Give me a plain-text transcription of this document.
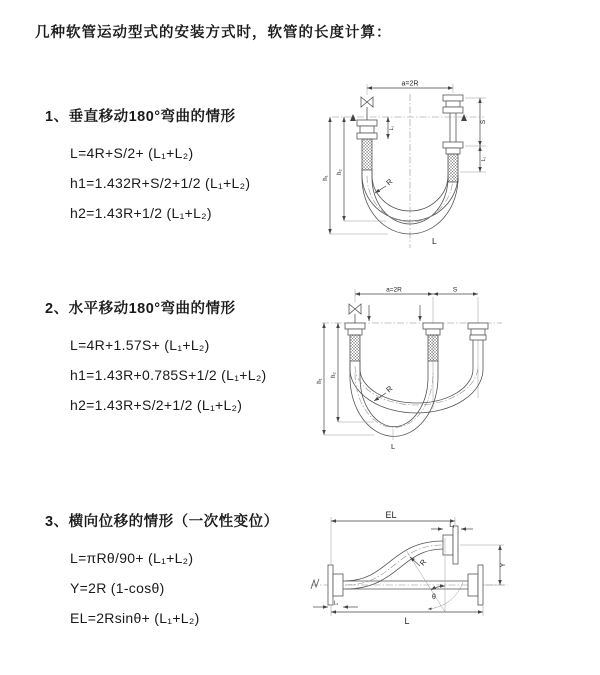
几种软管运动型式的安装方式时，软管的长度计算：
1、垂直移动180°弯曲的情形
L=4R+S/2+ (L₁+L₂)
h1=1.432R+S/2+1/2 (L₁+L₂)
h2=1.43R+1/2 (L₁+L₂)
2、水平移动180°弯曲的情形
L=4R+1.57S+ (L₁+L₂)
h1=1.43R+0.785S+1/2 (L₁+L₂)
h2=1.43R+S/2+1/2 (L₁+L₂)
3、横向位移的情形（一次性变位）
L=πRθ/90+ (L₁+L₂)
Y=2R (1-cosθ)
EL=2Rsinθ+ (L₁+L₂)
a=2R
h₁
h₂
L₁
S
L₁
R
L
a=2R	S
h₁
h₂
R
L
EL
L₁
Y
θ
R
L₂
L
